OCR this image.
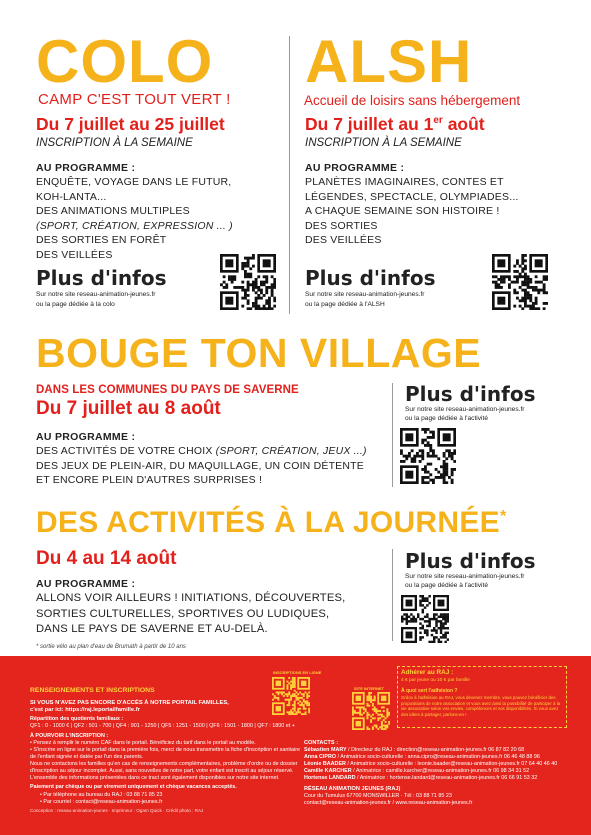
COLO
CAMP C'EST TOUT VERT !
Du 7 juillet au 25 juillet
INSCRIPTION À LA SEMAINE
AU PROGRAMME :
ENQUÊTE, VOYAGE DANS LE FUTUR,
KOH-LANTA...
DES ANIMATIONS MULTIPLES
(SPORT, CRÉATION, EXPRESSION ... )
DES SORTIES EN FORÊT
DES VEILLÉES
Plus d'infos
Sur notre site reseau-animation-jeunes.fr
ou la page dédiée à la colo
ALSH
Accueil de loisirs sans hébergement
Du 7 juillet au 1er août
INSCRIPTION À LA SEMAINE
AU PROGRAMME :
PLANÈTES IMAGINAIRES, CONTES ET
LÉGENDES, SPECTACLE, OLYMPIADES...
A CHAQUE SEMAINE SON HISTOIRE !
DES SORTIES
DES VEILLÉES
Plus d'infos
Sur notre site reseau-animation-jeunes.fr
ou la page dédiée à l'ALSH
BOUGE TON VILLAGE
DANS LES COMMUNES DU PAYS DE SAVERNE
Du 7 juillet au 8 août
AU PROGRAMME :
DES ACTIVITÉS DE VOTRE CHOIX (SPORT, CRÉATION, JEUX ...)
DES JEUX DE PLEIN-AIR, DU MAQUILLAGE, UN COIN DÉTENTE
ET ENCORE PLEIN D'AUTRES SURPRISES !
Plus d'infos
Sur notre site reseau-animation-jeunes.fr
ou la page dédiée à l'activité
DES ACTIVITÉS À LA JOURNÉE*
Du 4 au 14 août
AU PROGRAMME :
ALLONS VOIR AILLEURS ! INITIATIONS, DÉCOUVERTES,
SORTIES CULTURELLES, SPORTIVES OU LUDIQUES,
DANS LE PAYS DE SAVERNE ET AU-DELÀ.
* sortie vélo au plan d'eau de Brumath à partir de 10 ans
Plus d'infos
Sur notre site reseau-animation-jeunes.fr
ou la page dédiée à l'activité
RENSEIGNEMENTS ET INSCRIPTIONS
SI VOUS N'AVEZ PAS ENCORE D'ACCÈS À NOTRE PORTAIL FAMILLES,
c'est par ici: https://raj.leportailfamille.fr
Répartition des quotients familiaux :
QF1 : 0 - 1000 € | QF2 : 501 - 700 | QF4 : 901 - 1250 | QF5 : 1251 - 1500 | QF6 : 1501 - 1800 | QF7 : 1800 et +
À POURVOIR L'INSCRIPTION :
• Pensez à remplir le numéro CAF dans le portail. Bénéficiez du tarif dans le portail au modèle.
• S'inscrire en ligne sur le portail dans la première fois, merci de nous transmettre la fiche d'inscription et sanitaire
de l'enfant signée et datée par l'un des parents.
Nous ne contactons les familles qu'en cas de renseignements complémentaires, problème d'ordre ou de dossier
d'inscription au séjour incomplet. Aussi, sans nouvelles de notre part, votre enfant est inscrit au séjour réservé.
L'ensemble des informations présentées dans ce tract sont également disponibles sur notre site internet.
Paiement par chèque ou par virement uniquement et chèque vacances acceptés.
• Par téléphone au bureau du RAJ : 03 88 71 85 23
• Par courriel : contact@reseau-animation-jeunes.fr
Conception : reseau-animation-jeunes · Imprimeur : Ogam Quick · Crédit photo : RAJ
INSCRIPTIONS EN LIGNE
SITE INTERNET
Adhérer au RAJ :
4 € par jeune ou 10 € par famille
À quoi sert l'adhésion ?
Grâce à l'adhésion au RAJ, vous devenez membre, vous pouvez bénéficier des propositions de notre association et vous avez ainsi la possibilité de participer à la vie associative selon vos envies, compétences et vos disponibilités. Si vous avez des idées à partager, parlons-en !
CONTACTS :
Sébastien MARY / Directeur du RAJ : direction@reseau-animation-jeunes.fr 06 87 82 20 68
Anna CIPRO / Animatrice socio-culturelle : anna.cipro@reseau-animation-jeunes.fr 06 46 48 88 96
Léonie BAADER / Animatrice socio-culturelle : leonie.baader@reseau-animation-jeunes.fr 07 64 40 46 40
Camille KARCHER / Animatrice : camille.karcher@reseau-animation-jeunes.fr 06 98 34 31 52
Hortense LANDARD / Animatrice : hortense.landard@reseau-animation-jeunes.fr 06 66 91 53 32
RÉSEAU ANIMATION JEUNES (RAJ)
Cour du Tumulus 67700 MONSWILLER · Tél : 03 88 71 85 23
contact@reseau-animation-jeunes.fr / www.reseau-animation-jeunes.fr
